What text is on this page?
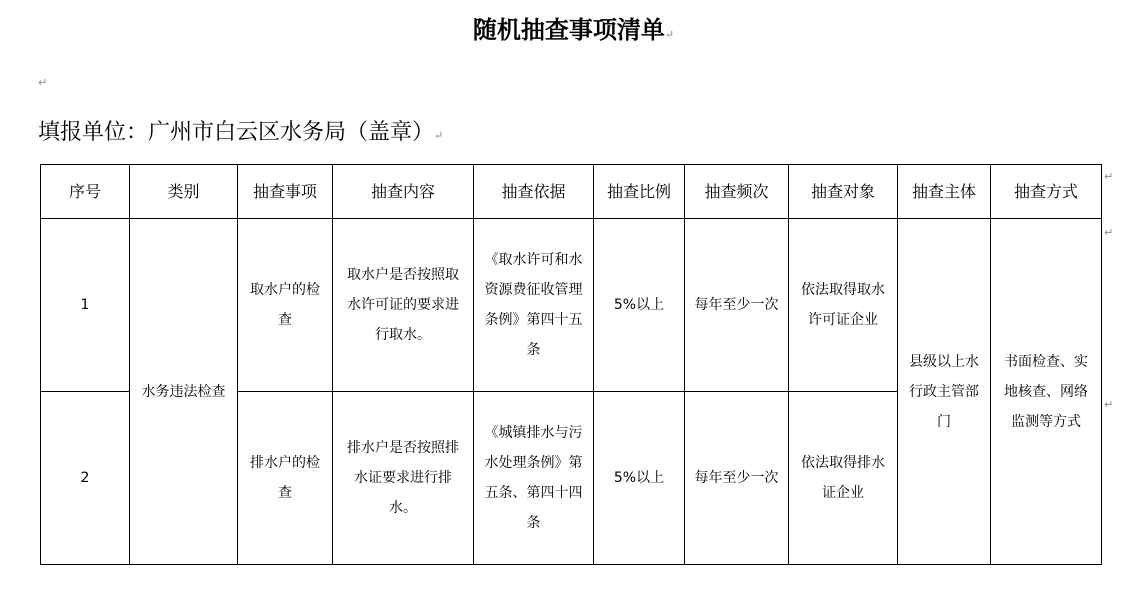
随机抽查事项清单↵
↵
填报单位：广州市白云区水务局（盖章）↵
序号	类别	抽查事项	抽查内容	抽查依据	抽查比例	抽查频次	抽查对象	抽查主体	抽查方式
1	水务违法检查	取水户的检查	取水户是否按照取水许可证的要求进行取水。	《取水许可和水资源费征收管理条例》第四十五条	5%以上	每年至少一次	依法取得取水许可证企业	县级以上水行政主管部门	书面检查、实地核查、网络监测等方式
2		排水户的检查	排水户是否按照排水证要求进行排水。	《城镇排水与污水处理条例》第五条、第四十四条	5%以上	每年至少一次	依法取得排水证企业		
↵
↵
↵
